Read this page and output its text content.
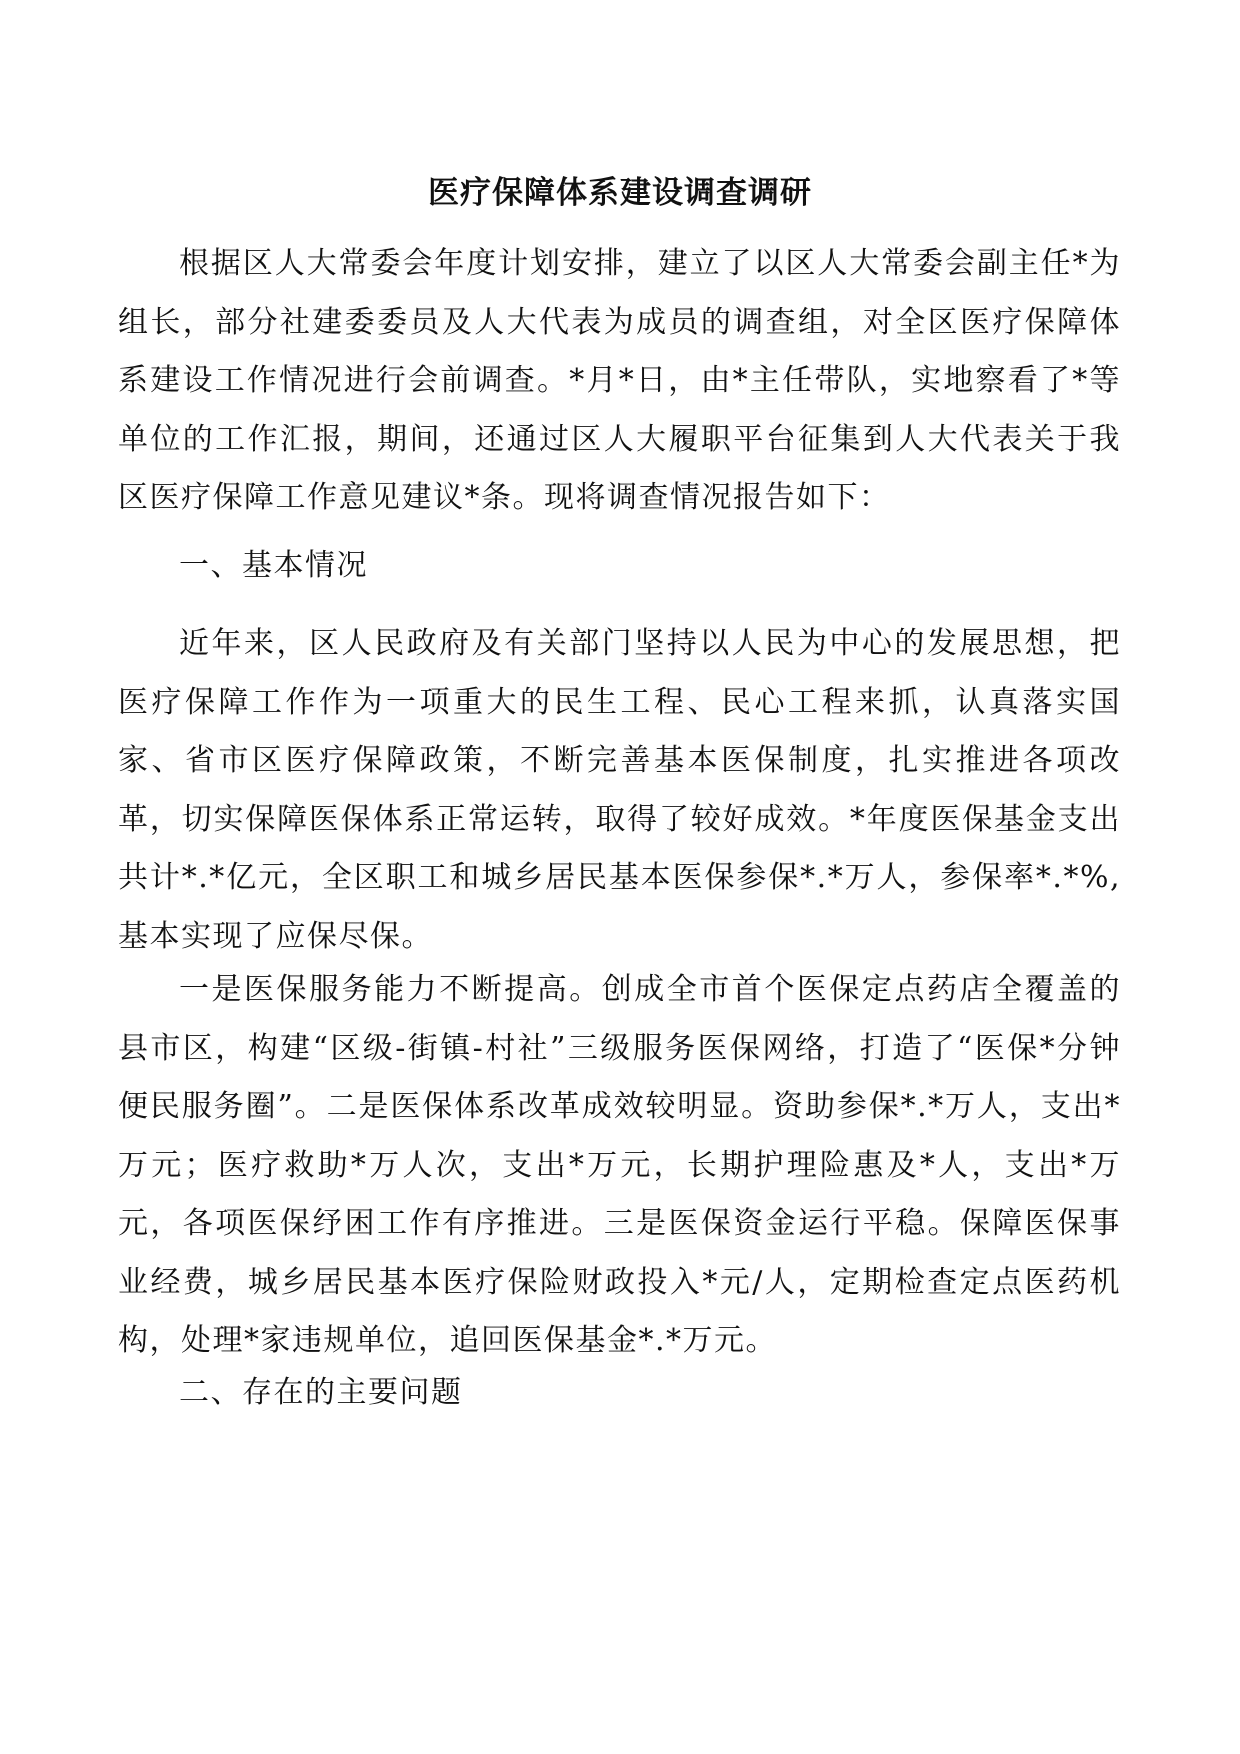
医疗保障体系建设调查调研

根据区人大常委会年度计划安排，建立了以区人大常委会副主任*为组长，部分社建委委员及人大代表为成员的调查组，对全区医疗保障体系建设工作情况进行会前调查。*月*日，由*主任带队，实地察看了*等单位的工作汇报，期间，还通过区人大履职平台征集到人大代表关于我区医疗保障工作意见建议*条。现将调查情况报告如下：

一、基本情况

近年来，区人民政府及有关部门坚持以人民为中心的发展思想，把医疗保障工作作为一项重大的民生工程、民心工程来抓，认真落实国家、省市区医疗保障政策，不断完善基本医保制度，扎实推进各项改革，切实保障医保体系正常运转，取得了较好成效。*年度医保基金支出共计*.*亿元，全区职工和城乡居民基本医保参保*.*万人，参保率*.*%,基本实现了应保尽保。

一是医保服务能力不断提高。创成全市首个医保定点药店全覆盖的县市区，构建“区级-街镇-村社”三级服务医保网络，打造了“医保*分钟便民服务圈”。二是医保体系改革成效较明显。资助参保*.*万人，支出*万元；医疗救助*万人次，支出*万元，长期护理险惠及*人，支出*万元，各项医保纾困工作有序推进。三是医保资金运行平稳。保障医保事业经费，城乡居民基本医疗保险财政投入*元/人，定期检查定点医药机构，处理*家违规单位，追回医保基金*.*万元。

二、存在的主要问题
